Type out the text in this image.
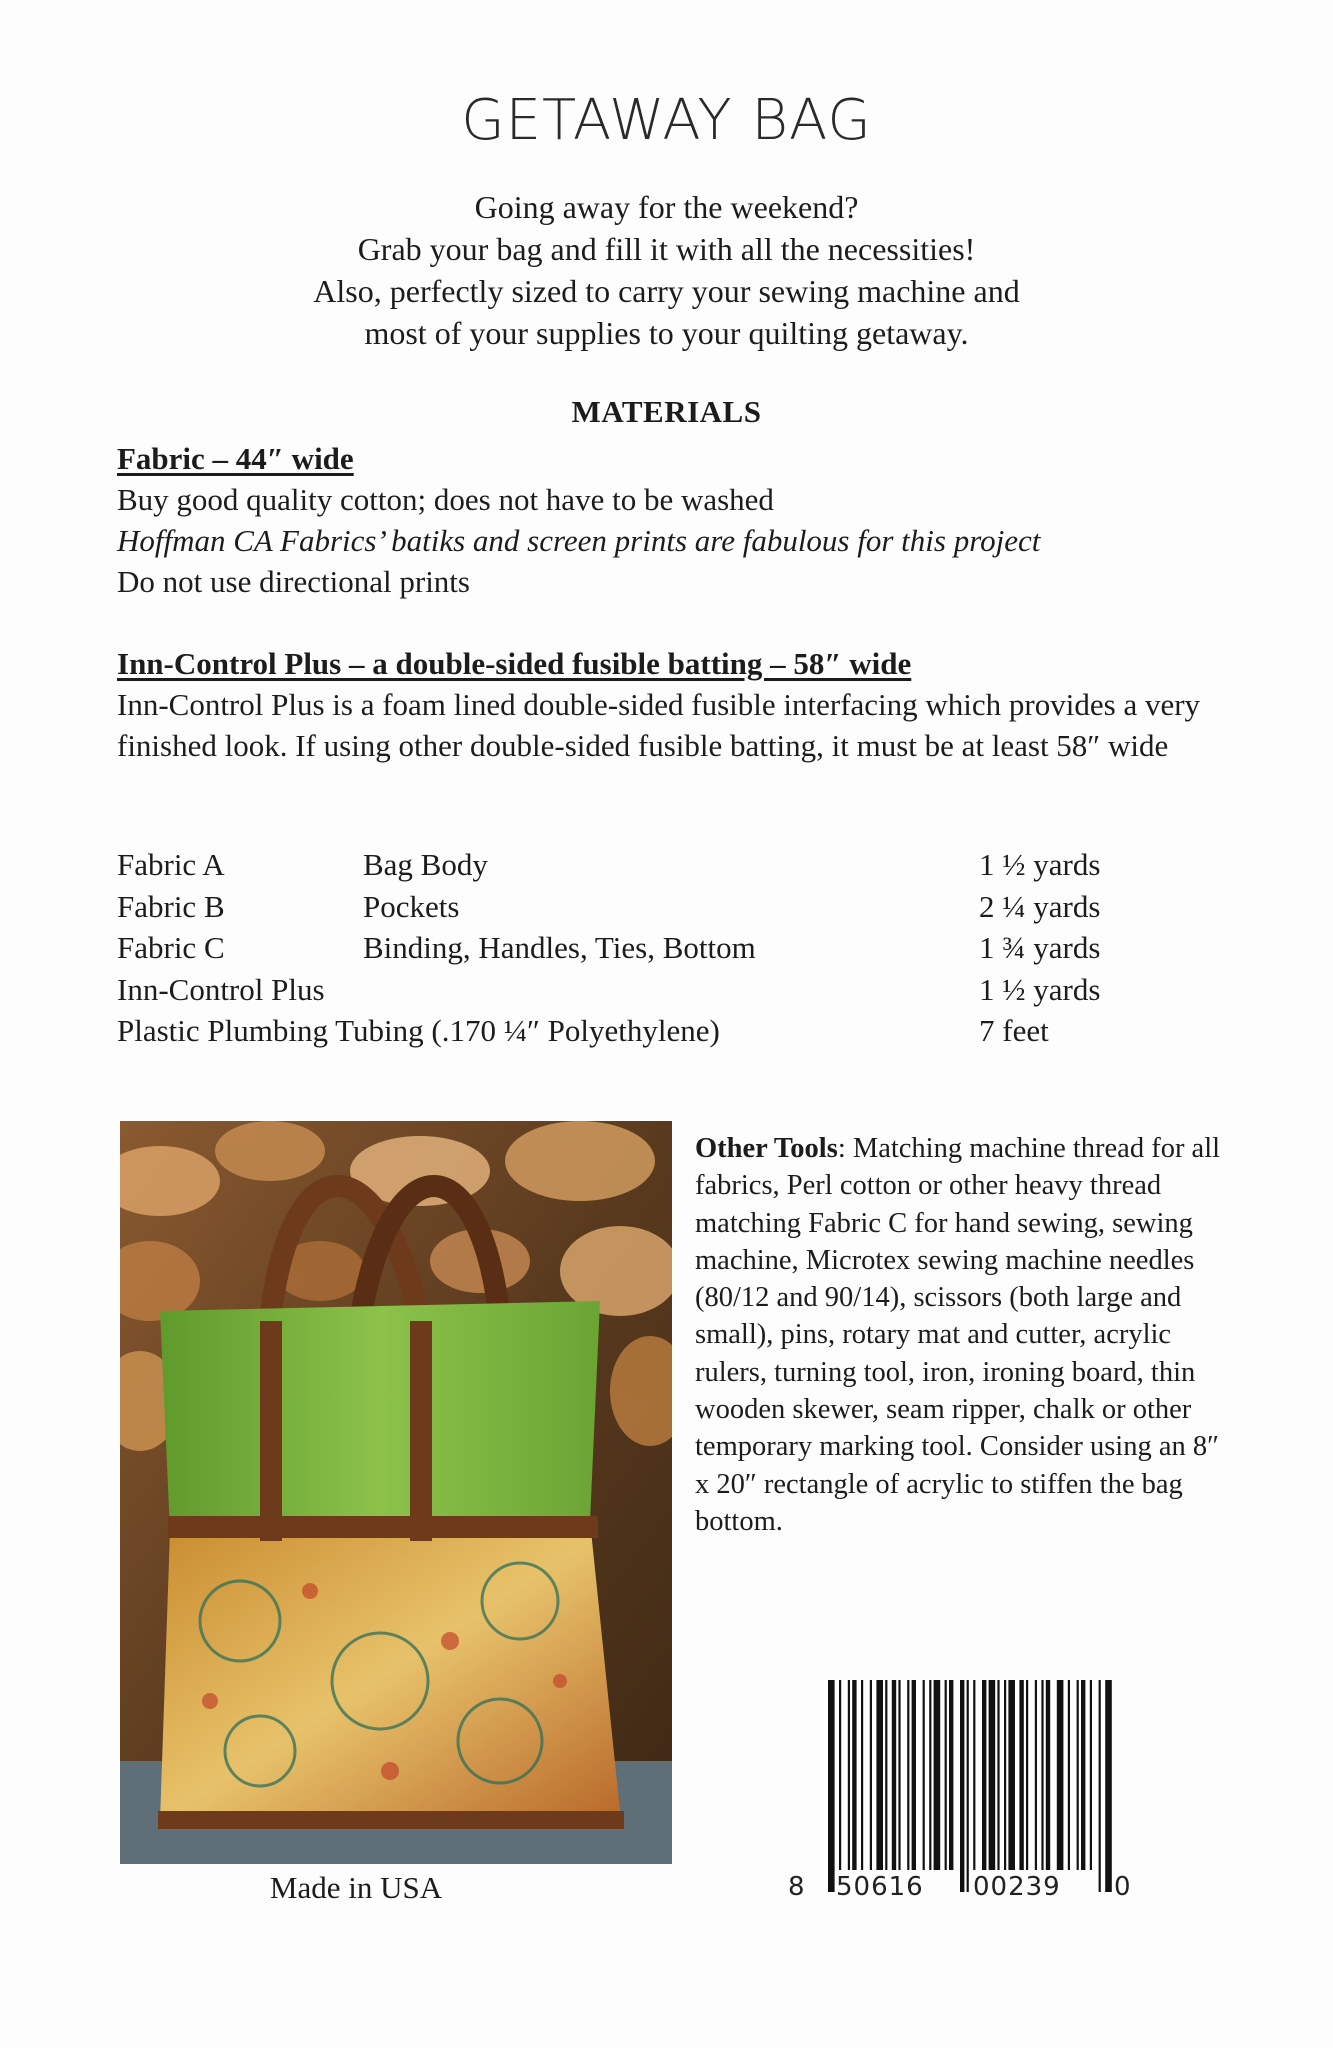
GETAWAY BAG
Going away for the weekend?
Grab your bag and fill it with all the necessities!
Also, perfectly sized to carry your sewing machine and
most of your supplies to your quilting getaway.
MATERIALS
Fabric – 44″ wide
Buy good quality cotton; does not have to be washed
Hoffman CA Fabrics’ batiks and screen prints are fabulous for this project
Do not use directional prints
Inn-Control Plus – a double-sided fusible batting – 58″ wide
Inn-Control Plus is a foam lined double-sided fusible interfacing which provides a very finished look. If using other double-sided fusible batting, it must be at least 58″ wide
Fabric A	Bag Body	1 ½ yards
Fabric B	Pockets	2 ¼ yards
Fabric C	Binding, Handles, Ties, Bottom	1 ¾ yards
Inn-Control Plus	1 ½ yards
Plastic Plumbing Tubing (.170 ¼″ Polyethylene)	7 feet
Made in USA
Other Tools: Matching machine thread for all fabrics, Perl cotton or other heavy thread matching Fabric C for hand sewing, sewing machine, Microtex sewing machine needles (80/12 and 90/14), scissors (both large and small), pins, rotary mat and cutter, acrylic rulers, turning tool, iron, ironing board, thin wooden skewer, seam ripper, chalk or other temporary marking tool. Consider using an 8″ x 20″ rectangle of acrylic to stiffen the bag bottom.
8 50616 00239 0
